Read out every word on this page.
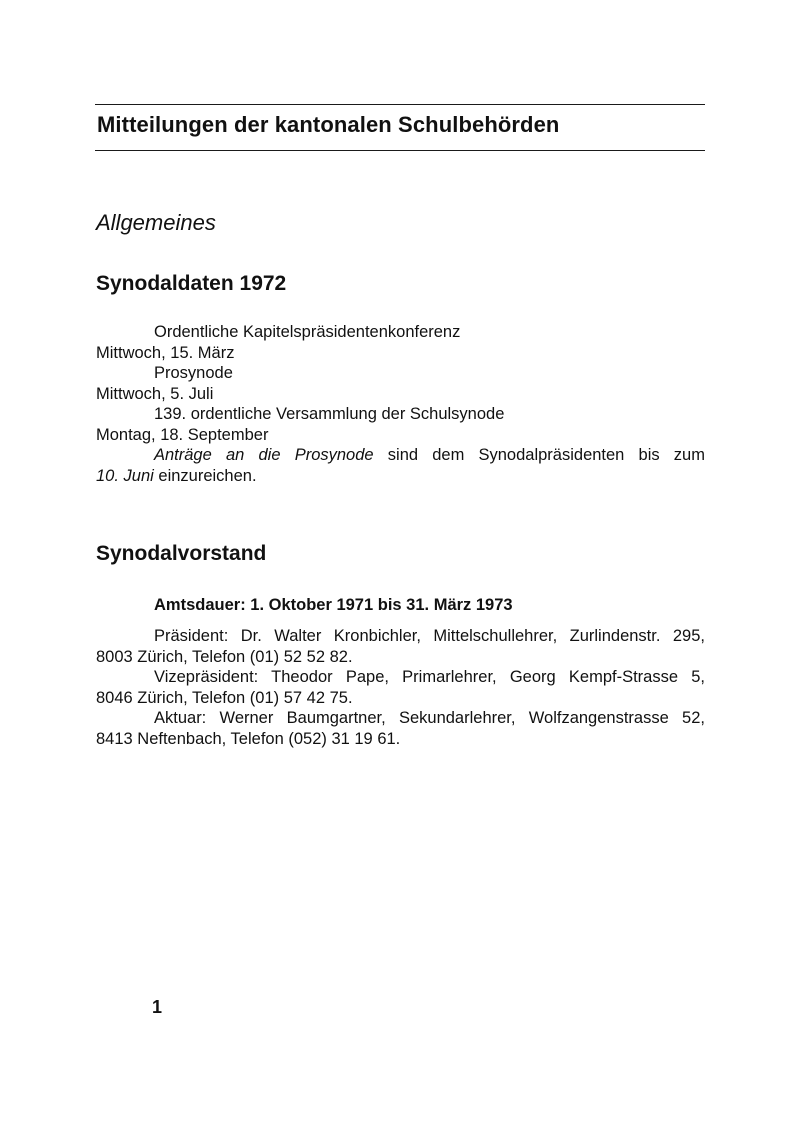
Mitteilungen der kantonalen Schulbehörden
Allgemeines
Synodaldaten 1972
Ordentliche Kapitelspräsidentenkonferenz
Mittwoch, 15. März
Prosynode
Mittwoch, 5. Juli
139. ordentliche Versammlung der Schulsynode
Montag, 18. September
Anträge an die Prosynode sind dem Synodalpräsidenten bis zum
10. Juni einzureichen.
Synodalvorstand

Amtsdauer: 1. Oktober 1971 bis 31. März 1973

Präsident: Dr. Walter Kronbichler, Mittelschullehrer, Zurlindenstr. 295,
8003 Zürich, Telefon (01) 52 52 82.
Vizepräsident: Theodor Pape, Primarlehrer, Georg Kempf-Strasse 5,
8046 Zürich, Telefon (01) 57 42 75.
Aktuar: Werner Baumgartner, Sekundarlehrer, Wolfzangenstrasse 52,
8413 Neftenbach, Telefon (052) 31 19 61.
1
